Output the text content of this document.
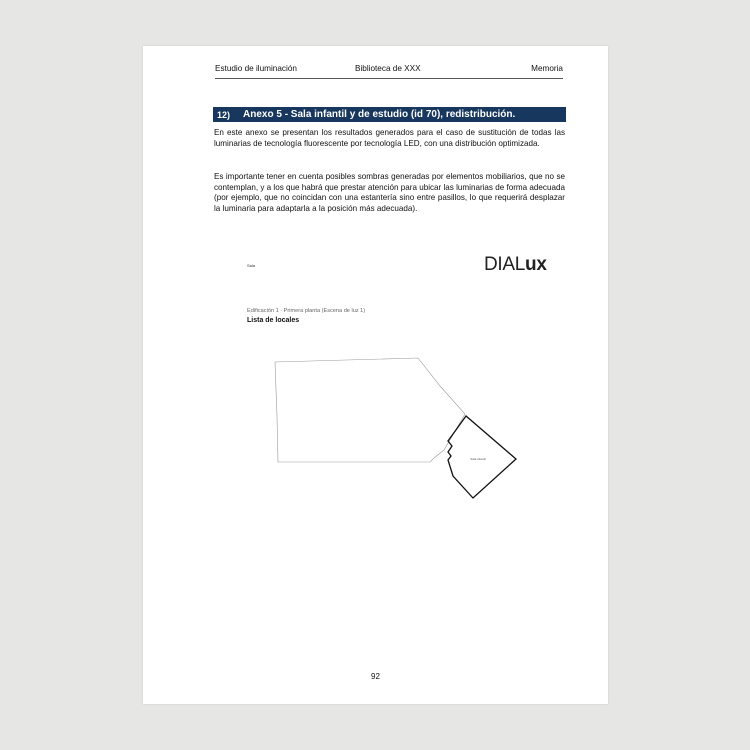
Estudio de iluminación	Biblioteca de XXX	Memoria
12) Anexo 5 - Sala infantil y de estudio (id 70), redistribución.

En este anexo se presentan los resultados generados para el caso de sustitución de todas las luminarias de tecnología fluorescente por tecnología LED, con una distribución optimizada.

Es importante tener en cuenta posibles sombras generadas por elementos mobiliarios, que no se contemplan, y a los que habrá que prestar atención para ubicar las luminarias de forma adecuada (por ejemplo, que no coincidan con una estantería sino entre pasillos, lo que requerirá desplazar la luminaria para adaptarla a la posición más adecuada).

Sala	DIALux
Edificación 1 · Primera planta (Escena de luz 1)
Lista de locales
Sala infantil
92
